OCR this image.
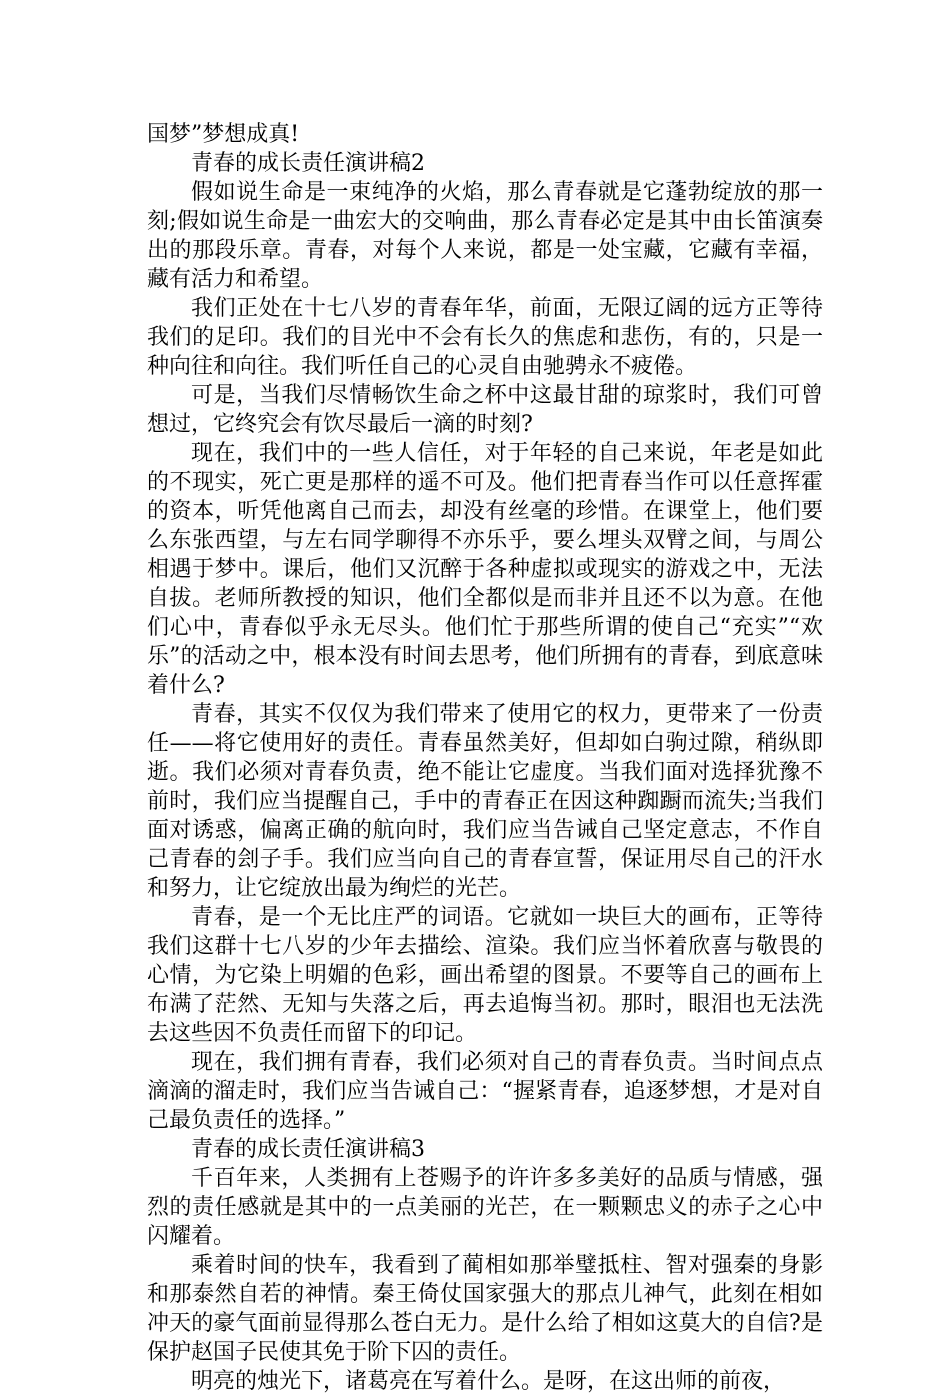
国梦”梦想成真!

青春的成长责任演讲稿2

假如说生命是一束纯净的火焰，那么青春就是它蓬勃绽放的那一刻;假如说生命是一曲宏大的交响曲，那么青春必定是其中由长笛演奏出的那段乐章。青春，对每个人来说，都是一处宝藏，它藏有幸福，藏有活力和希望。

我们正处在十七八岁的青春年华，前面，无限辽阔的远方正等待我们的足印。我们的目光中不会有长久的焦虑和悲伤，有的，只是一种向往和向往。我们听任自己的心灵自由驰骋永不疲倦。

可是，当我们尽情畅饮生命之杯中这最甘甜的琼浆时，我们可曾想过，它终究会有饮尽最后一滴的时刻?

现在，我们中的一些人信任，对于年轻的自己来说，年老是如此的不现实，死亡更是那样的遥不可及。他们把青春当作可以任意挥霍的资本，听凭他离自己而去，却没有丝毫的珍惜。在课堂上，他们要么东张西望，与左右同学聊得不亦乐乎，要么埋头双臂之间，与周公相遇于梦中。课后，他们又沉醉于各种虚拟或现实的游戏之中，无法自拔。老师所教授的知识，他们全都似是而非并且还不以为意。在他们心中，青春似乎永无尽头。他们忙于那些所谓的使自己“充实”“欢乐”的活动之中，根本没有时间去思考，他们所拥有的青春，到底意味着什么?

青春，其实不仅仅为我们带来了使用它的权力，更带来了一份责任——将它使用好的责任。青春虽然美好，但却如白驹过隙，稍纵即逝。我们必须对青春负责，绝不能让它虚度。当我们面对选择犹豫不前时，我们应当提醒自己，手中的青春正在因这种踟蹰而流失;当我们面对诱惑，偏离正确的航向时，我们应当告诫自己坚定意志，不作自己青春的刽子手。我们应当向自己的青春宣誓，保证用尽自己的汗水和努力，让它绽放出最为绚烂的光芒。

青春，是一个无比庄严的词语。它就如一块巨大的画布，正等待我们这群十七八岁的少年去描绘、渲染。我们应当怀着欣喜与敬畏的心情，为它染上明媚的色彩，画出希望的图景。不要等自己的画布上布满了茫然、无知与失落之后，再去追悔当初。那时，眼泪也无法洗去这些因不负责任而留下的印记。

现在，我们拥有青春，我们必须对自己的青春负责。当时间点点滴滴的溜走时，我们应当告诫自己：“握紧青春，追逐梦想，才是对自己最负责任的选择。”

青春的成长责任演讲稿3

千百年来，人类拥有上苍赐予的许许多多美好的品质与情感，强烈的责任感就是其中的一点美丽的光芒，在一颗颗忠义的赤子之心中闪耀着。

乘着时间的快车，我看到了蔺相如那举璧抵柱、智对强秦的身影和那泰然自若的神情。秦王倚仗国家强大的那点儿神气，此刻在相如冲天的豪气面前显得那么苍白无力。是什么给了相如这莫大的自信?是保护赵国子民使其免于阶下囚的责任。

明亮的烛光下，诸葛亮在写着什么。是呀，在这出师的前夜，
